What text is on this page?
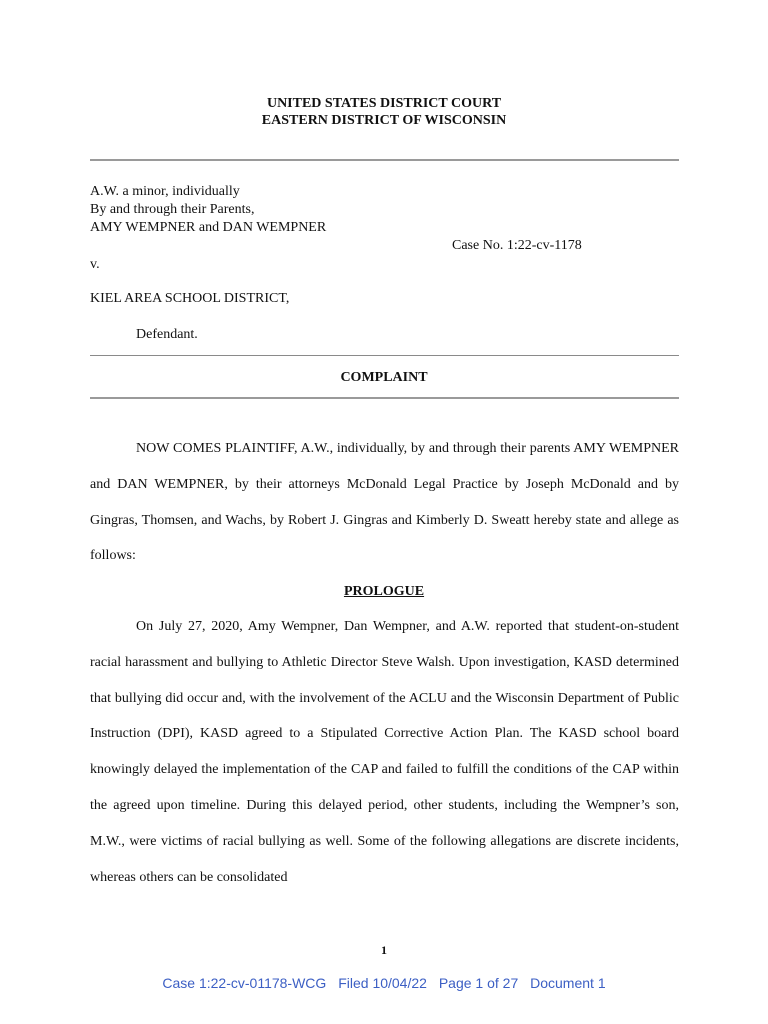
UNITED STATES DISTRICT COURT
EASTERN DISTRICT OF WISCONSIN
A.W. a minor, individually
By and through their Parents,
AMY WEMPNER and DAN WEMPNER
Case No. 1:22-cv-1178
v.
KIEL AREA SCHOOL DISTRICT,
Defendant.
COMPLAINT

NOW COMES PLAINTIFF, A.W., individually, by and through their parents AMY WEMPNER and DAN WEMPNER, by their attorneys McDonald Legal Practice by Joseph McDonald and by Gingras, Thomsen, and Wachs, by Robert J. Gingras and Kimberly D. Sweatt hereby state and allege as follows:

PROLOGUE

On July 27, 2020, Amy Wempner, Dan Wempner, and A.W. reported that student-on-student racial harassment and bullying to Athletic Director Steve Walsh. Upon investigation, KASD determined that bullying did occur and, with the involvement of the ACLU and the Wisconsin Department of Public Instruction (DPI), KASD agreed to a Stipulated Corrective Action Plan. The KASD school board knowingly delayed the implementation of the CAP and failed to fulfill the conditions of the CAP within the agreed upon timeline. During this delayed period, other students, including the Wempner’s son, M.W., were victims of racial bullying as well. Some of the following allegations are discrete incidents, whereas others can be consolidated

1
Case 1:22-cv-01178-WCG Filed 10/04/22 Page 1 of 27 Document 1
